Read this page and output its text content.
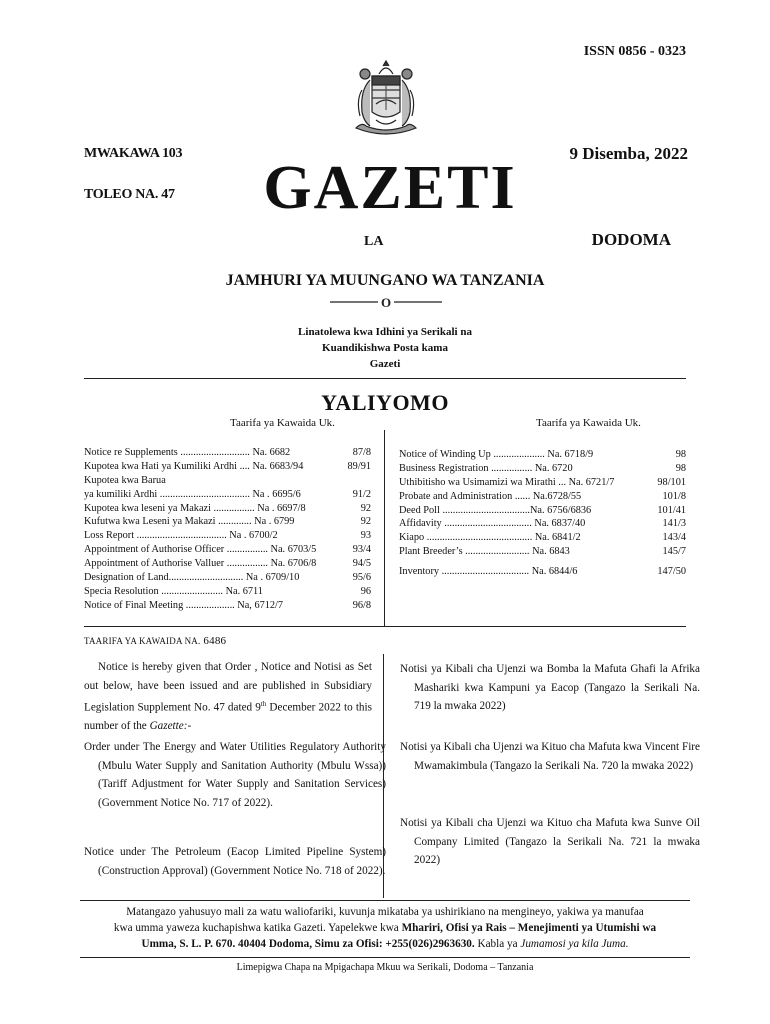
ISSN 0856 - 0323
MWAKAWA 103
TOLEO NA. 47
9 Disemba, 2022
GAZETI
LA	DODOMA
JAMHURI YA MUUNGANO WA TANZANIA
O
Linatolewa kwa Idhini ya Serikali na
Kuandikishwa Posta kama
Gazeti
YALIYOMO
Taarifa ya Kawaida Uk.	Taarifa ya Kawaida Uk.
Notice re Supplements ........................... Na. 6682	87/8
Kupotea kwa Hati ya Kumiliki Ardhi .... Na. 6683/94	89/91
Kupotea kwa Barua
ya kumiliki Ardhi ................................... Na . 6695/6	91/2
Kupotea kwa leseni ya Makazi ................ Na . 6697/8	92
Kufutwa kwa Leseni ya Makazi ............. Na . 6799	92
Loss Report ................................... Na . 6700/2	93
Appointment of Authorise Officer ................ Na. 6703/5	93/4
Appointment of Authorise Valluer ................ Na. 6706/8	94/5
Designation of Land............................. Na . 6709/10	95/6
Specia Resolution ........................ Na. 6711	96
Notice of Final Meeting ................... Na, 6712/7	96/8
Notice of Winding Up .................... Na. 6718/9	98
Business Registration ................ Na. 6720	98
Uthibitisho wa Usimamizi wa Mirathi ... Na. 6721/7	98/101
Probate and Administration ...... Na.6728/55	101/8
Deed Poll ..................................Na. 6756/6836	101/41
Affidavity .................................. Na. 6837/40	141/3
Kiapo ......................................... Na. 6841/2	143/4
Plant Breeder’s ......................... Na. 6843	145/7
Inventory .................................. Na. 6844/6	147/50
TAARIFA YA KAWAIDA NA. 6486
Notice is hereby given that Order , Notice and Notisi as Set out below, have been issued and are published in Subsidiary Legislation Supplement No. 47 dated 9th December 2022 to this number of the Gazette:-
Order under The Energy and Water Utilities Regulatory Authority (Mbulu Water Supply and Sanitation Authority (Mbulu Wssa)) (Tariff Adjustment for Water Supply and Sanitation Services) (Government Notice No. 717 of 2022).
Notice under The Petroleum (Eacop Limited Pipeline System) (Construction Approval) (Government Notice No. 718 of 2022).
Notisi ya Kibali cha Ujenzi wa Bomba la Mafuta Ghafi la Afrika Mashariki kwa Kampuni ya Eacop (Tangazo la Serikali Na. 719 la mwaka 2022)
Notisi ya Kibali cha Ujenzi wa Kituo cha Mafuta kwa Vincent Fire Mwamakimbula (Tangazo la Serikali Na. 720 la mwaka 2022)
Notisi ya Kibali cha Ujenzi wa Kituo cha Mafuta kwa Sunve Oil Company Limited (Tangazo la Serikali Na. 721 la mwaka 2022)
Matangazo yahusuyo mali za watu waliofariki, kuvunja mikataba ya ushirikiano na mengineyo, yakiwa ya manufaa
kwa umma yaweza kuchapishwa katika Gazeti. Yapelekwe kwa Mhariri, Ofisi ya Rais – Menejimenti ya Utumishi wa
Umma, S. L. P. 670. 40404 Dodoma, Simu za Ofisi: +255(026)2963630. Kabla ya Jumamosi ya kila Juma.
Limepigwa Chapa na Mpigachapa Mkuu wa Serikali, Dodoma – Tanzania
